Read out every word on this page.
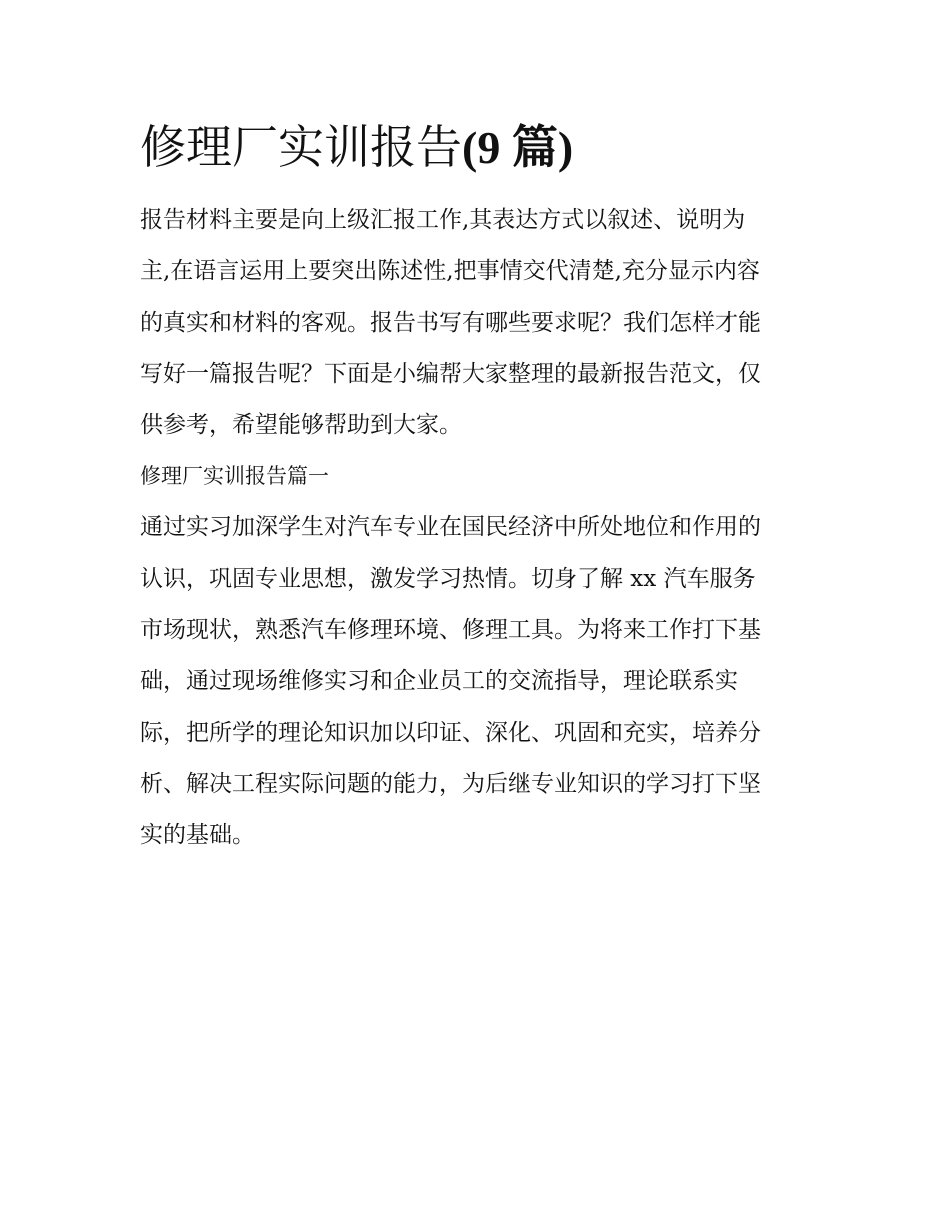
修理厂实训报告(9 篇)

报告材料主要是向上级汇报工作,其表达方式以叙述、说明为
主,在语言运用上要突出陈述性,把事情交代清楚,充分显示内容
的真实和材料的客观。报告书写有哪些要求呢？我们怎样才能
写好一篇报告呢？下面是小编帮大家整理的最新报告范文，仅
供参考，希望能够帮助到大家。

修理厂实训报告篇一

通过实习加深学生对汽车专业在国民经济中所处地位和作用的
认识，巩固专业思想，激发学习热情。切身了解 xx 汽车服务
市场现状，熟悉汽车修理环境、修理工具。为将来工作打下基
础，通过现场维修实习和企业员工的交流指导，理论联系实
际，把所学的理论知识加以印证、深化、巩固和充实，培养分
析、解决工程实际问题的能力，为后继专业知识的学习打下坚
实的基础。
